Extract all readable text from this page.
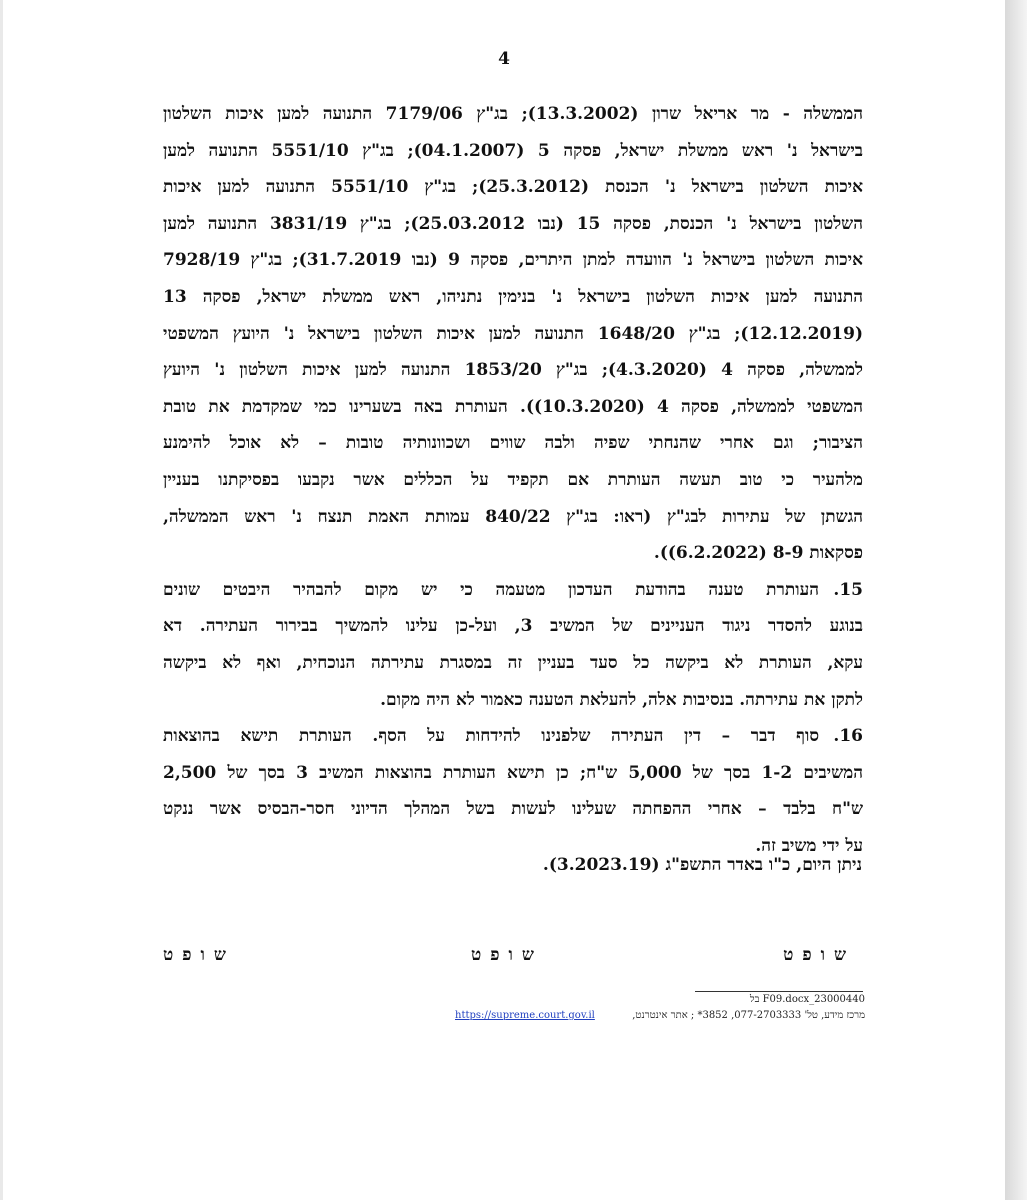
4
הממשלה - מר אריאל שרון (13.3.2002); בג"ץ 7179/06 התנועה למען איכות השלטון
בישראל נ' ראש ממשלת ישראל, פסקה 5 (04.1.2007); בג"ץ 5551/10 התנועה למען
איכות השלטון בישראל נ' הכנסת (25.3.2012); בג"ץ 5551/10 התנועה למען איכות
השלטון בישראל נ' הכנסת, פסקה 15 (נבו 25.03.2012); בג"ץ 3831/19 התנועה למען
איכות השלטון בישראל נ' הוועדה למתן היתרים, פסקה 9 (נבו 31.7.2019); בג"ץ 7928/19
התנועה למען איכות השלטון בישראל נ' בנימין נתניהו, ראש ממשלת ישראל, פסקה 13
(12.12.2019); בג"ץ 1648/20 התנועה למען איכות השלטון בישראל נ' היועץ המשפטי
לממשלה, פסקה 4 (4.3.2020); בג"ץ 1853/20 התנועה למען איכות השלטון נ' היועץ
המשפטי לממשלה, פסקה 4 (10.3.2020)). העותרת באה בשערינו כמי שמקדמת את טובת
הציבור; וגם אחרי שהנחתי שפיה ולבה שווים ושכוונותיה טובות – לא אוכל להימנע
מלהעיר כי טוב תעשה העותרת אם תקפיד על הכללים אשר נקבעו בפסיקתנו בעניין
הגשתן של עתירות לבג"ץ (ראו: בג"ץ 840/22 עמותת האמת תנצח נ' ראש הממשלה,
פסקאות 8-9 (6.2.2022)).
15.העותרת טענה בהודעת העדכון מטעמה כי יש מקום להבהיר היבטים שונים
בנוגע להסדר ניגוד העניינים של המשיב 3, ועל-כן עלינו להמשיך בבירור העתירה. דא
עקא, העותרת לא ביקשה כל סעד בעניין זה במסגרת עתירתה הנוכחית, ואף לא ביקשה
לתקן את עתירתה. בנסיבות אלה, להעלאת הטענה כאמור לא היה מקום.
16.סוף דבר – דין העתירה שלפנינו להידחות על הסף. העותרת תישא בהוצאות
המשיבים 1-2 בסך של 5,000 ש"ח; כן תישא העותרת בהוצאות המשיב 3 בסך של 2,500
ש"ח בלבד – אחרי ההפחתה שעלינו לעשות בשל המהלך הדיוני חסר-הבסיס אשר ננקט
על ידי משיב זה.
ניתן היום, כ"ו באדר התשפ"ג (3.2023.19).
שופט
שופט
שופט
23000440_F09.docx בל
מרכז מידע, טל' 077-2703333, 3852* ; אתר אינטרנט,
https://supreme.court.gov.il
